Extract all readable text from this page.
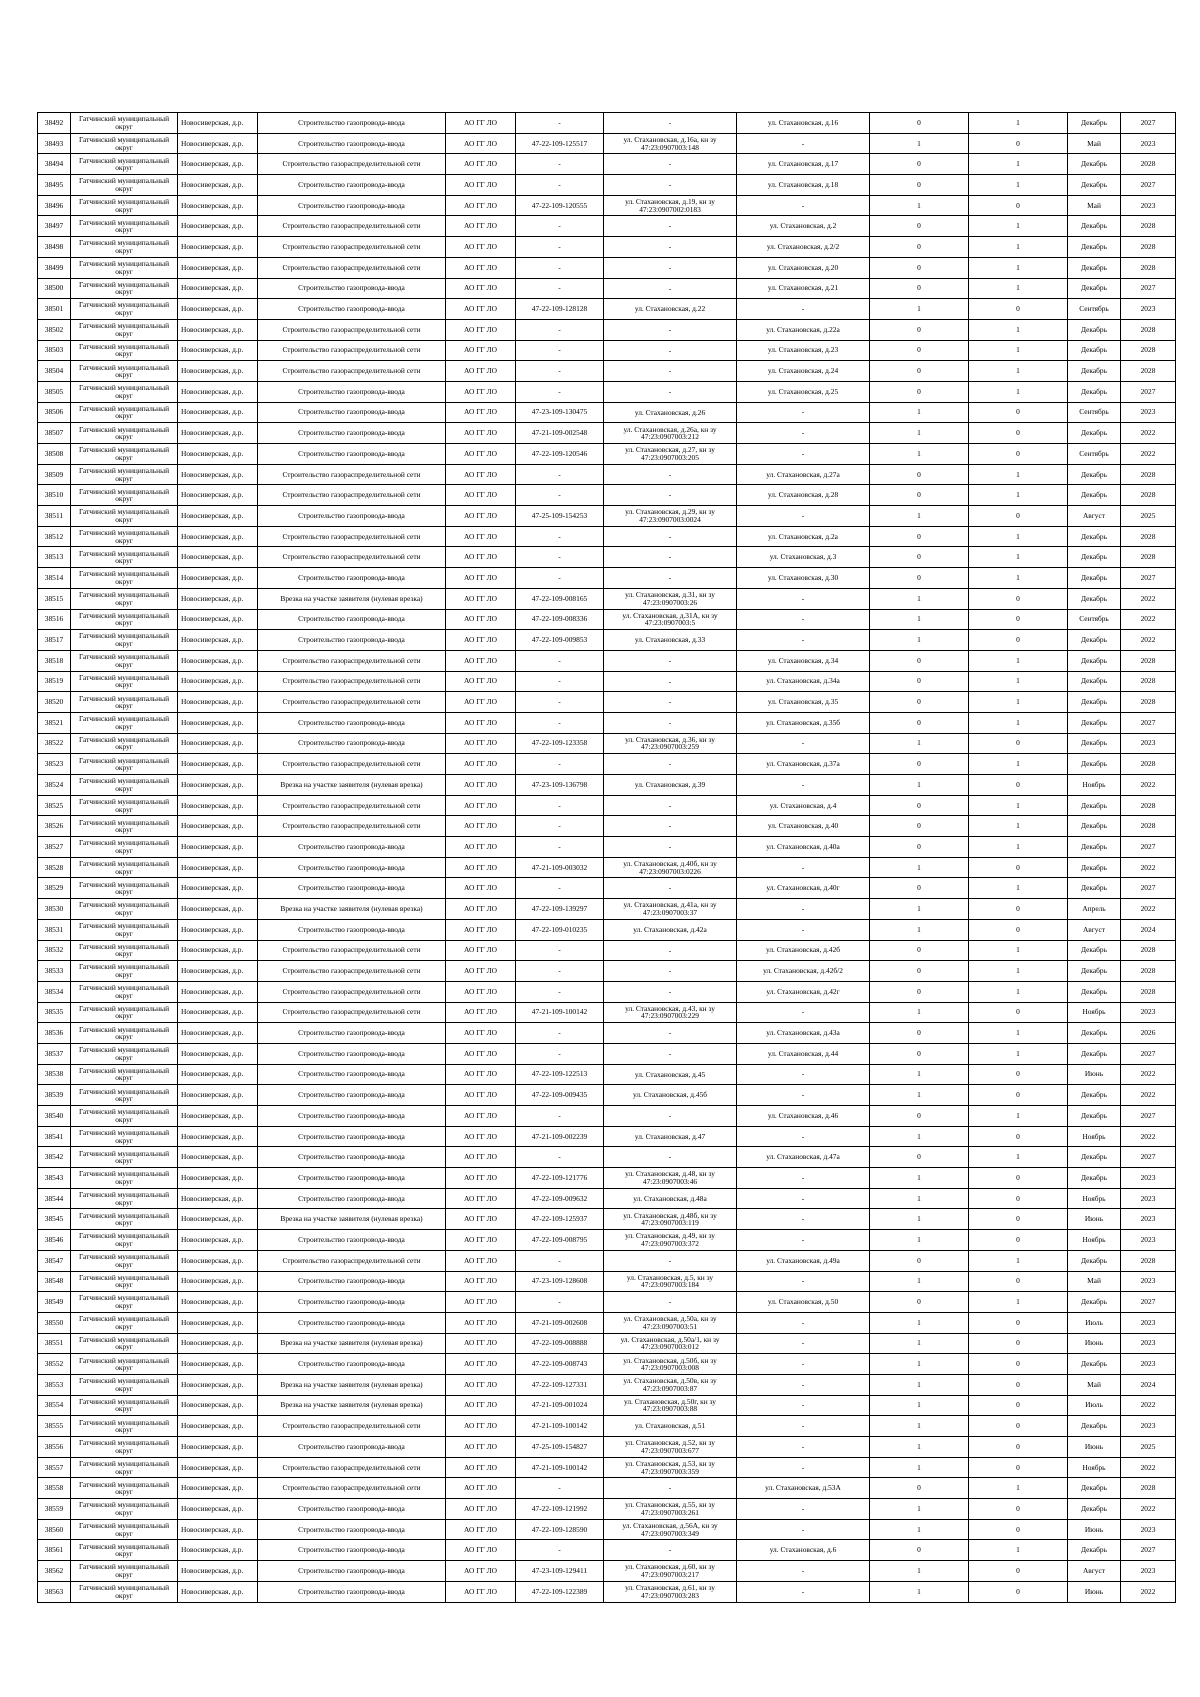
38492	Гатчинский муниципальный округ	Новосиверская, д.р.	Строительство газопровода-ввода	АО ГГ ЛО	-	-	ул. Стахановская, д.16	0	1	Декабрь	2027
38493	Гатчинский муниципальный округ	Новосиверская, д.р.	Строительство газопровода-ввода	АО ГГ ЛО	47-22-109-125517	ул. Стахановская, д.16а, кн зу 47:23:0907003:148	-	1	0	Май	2023
38494	Гатчинский муниципальный округ	Новосиверская, д.р.	Строительство газораспределительной сети	АО ГГ ЛО	-	-	ул. Стахановская, д.17	0	1	Декабрь	2028
38495	Гатчинский муниципальный округ	Новосиверская, д.р.	Строительство газопровода-ввода	АО ГГ ЛО	-	-	ул. Стахановская, д.18	0	1	Декабрь	2027
38496	Гатчинский муниципальный округ	Новосиверская, д.р.	Строительство газопровода-ввода	АО ГГ ЛО	47-22-109-120555	ул. Стахановская, д.19, кн зу 47:23:0907002:0183	-	1	0	Май	2023
38497	Гатчинский муниципальный округ	Новосиверская, д.р.	Строительство газораспределительной сети	АО ГГ ЛО	-	-	ул. Стахановская, д.2	0	1	Декабрь	2028
38498	Гатчинский муниципальный округ	Новосиверская, д.р.	Строительство газораспределительной сети	АО ГГ ЛО	-	-	ул. Стахановская, д.2/2	0	1	Декабрь	2028
38499	Гатчинский муниципальный округ	Новосиверская, д.р.	Строительство газораспределительной сети	АО ГГ ЛО	-	-	ул. Стахановская, д.20	0	1	Декабрь	2028
38500	Гатчинский муниципальный округ	Новосиверская, д.р.	Строительство газопровода-ввода	АО ГГ ЛО	-	-	ул. Стахановская, д.21	0	1	Декабрь	2027
38501	Гатчинский муниципальный округ	Новосиверская, д.р.	Строительство газопровода-ввода	АО ГГ ЛО	47-22-109-128128	ул. Стахановская, д.22	-	1	0	Сентябрь	2023
38502	Гатчинский муниципальный округ	Новосиверская, д.р.	Строительство газораспределительной сети	АО ГГ ЛО	-	-	ул. Стахановская, д.22а	0	1	Декабрь	2028
38503	Гатчинский муниципальный округ	Новосиверская, д.р.	Строительство газораспределительной сети	АО ГГ ЛО	-	-	ул. Стахановская, д.23	0	1	Декабрь	2028
38504	Гатчинский муниципальный округ	Новосиверская, д.р.	Строительство газораспределительной сети	АО ГГ ЛО	-	-	ул. Стахановская, д.24	0	1	Декабрь	2028
38505	Гатчинский муниципальный округ	Новосиверская, д.р.	Строительство газопровода-ввода	АО ГГ ЛО	-	-	ул. Стахановская, д.25	0	1	Декабрь	2027
38506	Гатчинский муниципальный округ	Новосиверская, д.р.	Строительство газопровода-ввода	АО ГГ ЛО	47-23-109-130475	ул. Стахановская, д.26	-	1	0	Сентябрь	2023
38507	Гатчинский муниципальный округ	Новосиверская, д.р.	Строительство газопровода-ввода	АО ГГ ЛО	47-21-109-002548	ул. Стахановская, д.26а, кн зу 47:23:0907003:212	-	1	0	Декабрь	2022
38508	Гатчинский муниципальный округ	Новосиверская, д.р.	Строительство газопровода-ввода	АО ГГ ЛО	47-22-109-120546	ул. Стахановская, д.27, кн зу 47:23:0907003:205	-	1	0	Сентябрь	2022
38509	Гатчинский муниципальный округ	Новосиверская, д.р.	Строительство газораспределительной сети	АО ГГ ЛО	-	-	ул. Стахановская, д.27а	0	1	Декабрь	2028
38510	Гатчинский муниципальный округ	Новосиверская, д.р.	Строительство газораспределительной сети	АО ГГ ЛО	-	-	ул. Стахановская, д.28	0	1	Декабрь	2028
38511	Гатчинский муниципальный округ	Новосиверская, д.р.	Строительство газопровода-ввода	АО ГГ ЛО	47-25-109-154253	ул. Стахановская, д.29, кн зу 47:23:0907003:0024	-	1	0	Август	2025
38512	Гатчинский муниципальный округ	Новосиверская, д.р.	Строительство газораспределительной сети	АО ГГ ЛО	-	-	ул. Стахановская, д.2а	0	1	Декабрь	2028
38513	Гатчинский муниципальный округ	Новосиверская, д.р.	Строительство газораспределительной сети	АО ГГ ЛО	-	-	ул. Стахановская, д.3	0	1	Декабрь	2028
38514	Гатчинский муниципальный округ	Новосиверская, д.р.	Строительство газопровода-ввода	АО ГГ ЛО	-	-	ул. Стахановская, д.30	0	1	Декабрь	2027
38515	Гатчинский муниципальный округ	Новосиверская, д.р.	Врезка на участке заявителя (нулевая врезка)	АО ГГ ЛО	47-22-109-008165	ул. Стахановская, д.31, кн зу 47:23:0907003:26	-	1	0	Декабрь	2022
38516	Гатчинский муниципальный округ	Новосиверская, д.р.	Строительство газопровода-ввода	АО ГГ ЛО	47-22-109-008336	ул. Стахановская, д.31А, кн зу 47:23:0907003:5	-	1	0	Сентябрь	2022
38517	Гатчинский муниципальный округ	Новосиверская, д.р.	Строительство газопровода-ввода	АО ГГ ЛО	47-22-109-009853	ул. Стахановская, д.33	-	1	0	Декабрь	2022
38518	Гатчинский муниципальный округ	Новосиверская, д.р.	Строительство газораспределительной сети	АО ГГ ЛО	-	-	ул. Стахановская, д.34	0	1	Декабрь	2028
38519	Гатчинский муниципальный округ	Новосиверская, д.р.	Строительство газораспределительной сети	АО ГГ ЛО	-	-	ул. Стахановская, д.34а	0	1	Декабрь	2028
38520	Гатчинский муниципальный округ	Новосиверская, д.р.	Строительство газораспределительной сети	АО ГГ ЛО	-	-	ул. Стахановская, д.35	0	1	Декабрь	2028
38521	Гатчинский муниципальный округ	Новосиверская, д.р.	Строительство газопровода-ввода	АО ГГ ЛО	-	-	ул. Стахановская, д.35б	0	1	Декабрь	2027
38522	Гатчинский муниципальный округ	Новосиверская, д.р.	Строительство газопровода-ввода	АО ГГ ЛО	47-22-109-123358	ул. Стахановская, д.36, кн зу 47:23:0907003:259	-	1	0	Декабрь	2023
38523	Гатчинский муниципальный округ	Новосиверская, д.р.	Строительство газораспределительной сети	АО ГГ ЛО	-	-	ул. Стахановская, д.37а	0	1	Декабрь	2028
38524	Гатчинский муниципальный округ	Новосиверская, д.р.	Врезка на участке заявителя (нулевая врезка)	АО ГГ ЛО	47-23-109-136798	ул. Стахановская, д.39	-	1	0	Ноябрь	2022
38525	Гатчинский муниципальный округ	Новосиверская, д.р.	Строительство газораспределительной сети	АО ГГ ЛО	-	-	ул. Стахановская, д.4	0	1	Декабрь	2028
38526	Гатчинский муниципальный округ	Новосиверская, д.р.	Строительство газораспределительной сети	АО ГГ ЛО	-	-	ул. Стахановская, д.40	0	1	Декабрь	2028
38527	Гатчинский муниципальный округ	Новосиверская, д.р.	Строительство газопровода-ввода	АО ГГ ЛО	-	-	ул. Стахановская, д.40а	0	1	Декабрь	2027
38528	Гатчинский муниципальный округ	Новосиверская, д.р.	Строительство газопровода-ввода	АО ГГ ЛО	47-21-109-003032	ул. Стахановская, д.40б, кн зу 47:23:0907003:0226	-	1	0	Декабрь	2022
38529	Гатчинский муниципальный округ	Новосиверская, д.р.	Строительство газопровода-ввода	АО ГГ ЛО	-	-	ул. Стахановская, д.40г	0	1	Декабрь	2027
38530	Гатчинский муниципальный округ	Новосиверская, д.р.	Врезка на участке заявителя (нулевая врезка)	АО ГГ ЛО	47-22-109-139297	ул. Стахановская, д.41а, кн зу 47:23:0907003:37	-	1	0	Апрель	2022
38531	Гатчинский муниципальный округ	Новосиверская, д.р.	Строительство газопровода-ввода	АО ГГ ЛО	47-22-109-010235	ул. Стахановская, д.42а	-	1	0	Август	2024
38532	Гатчинский муниципальный округ	Новосиверская, д.р.	Строительство газораспределительной сети	АО ГГ ЛО	-	-	ул. Стахановская, д.42б	0	1	Декабрь	2028
38533	Гатчинский муниципальный округ	Новосиверская, д.р.	Строительство газораспределительной сети	АО ГГ ЛО	-	-	ул. Стахановская, д.42б/2	0	1	Декабрь	2028
38534	Гатчинский муниципальный округ	Новосиверская, д.р.	Строительство газораспределительной сети	АО ГГ ЛО	-	-	ул. Стахановская, д.42г	0	1	Декабрь	2028
38535	Гатчинский муниципальный округ	Новосиверская, д.р.	Строительство газораспределительной сети	АО ГГ ЛО	47-21-109-100142	ул. Стахановская, д.43, кн зу 47:23:0907003:229	-	1	0	Ноябрь	2023
38536	Гатчинский муниципальный округ	Новосиверская, д.р.	Строительство газопровода-ввода	АО ГГ ЛО	-	-	ул. Стахановская, д.43а	0	1	Декабрь	2026
38537	Гатчинский муниципальный округ	Новосиверская, д.р.	Строительство газопровода-ввода	АО ГГ ЛО	-	-	ул. Стахановская, д.44	0	1	Декабрь	2027
38538	Гатчинский муниципальный округ	Новосиверская, д.р.	Строительство газопровода-ввода	АО ГГ ЛО	47-22-109-122513	ул. Стахановская, д.45	-	1	0	Июнь	2022
38539	Гатчинский муниципальный округ	Новосиверская, д.р.	Строительство газопровода-ввода	АО ГГ ЛО	47-22-109-009435	ул. Стахановская, д.45б	-	1	0	Декабрь	2022
38540	Гатчинский муниципальный округ	Новосиверская, д.р.	Строительство газопровода-ввода	АО ГГ ЛО	-	-	ул. Стахановская, д.46	0	1	Декабрь	2027
38541	Гатчинский муниципальный округ	Новосиверская, д.р.	Строительство газопровода-ввода	АО ГГ ЛО	47-21-109-002239	ул. Стахановская, д.47	-	1	0	Ноябрь	2022
38542	Гатчинский муниципальный округ	Новосиверская, д.р.	Строительство газопровода-ввода	АО ГГ ЛО	-	-	ул. Стахановская, д.47а	0	1	Декабрь	2027
38543	Гатчинский муниципальный округ	Новосиверская, д.р.	Строительство газопровода-ввода	АО ГГ ЛО	47-22-109-121776	ул. Стахановская, д.48, кн зу 47:23:0907003:46	-	1	0	Декабрь	2023
38544	Гатчинский муниципальный округ	Новосиверская, д.р.	Строительство газопровода-ввода	АО ГГ ЛО	47-22-109-009632	ул. Стахановская, д.48а	-	1	0	Ноябрь	2023
38545	Гатчинский муниципальный округ	Новосиверская, д.р.	Врезка на участке заявителя (нулевая врезка)	АО ГГ ЛО	47-22-109-125937	ул. Стахановская, д.48б, кн зу 47:23:0907003:119	-	1	0	Июнь	2023
38546	Гатчинский муниципальный округ	Новосиверская, д.р.	Строительство газопровода-ввода	АО ГГ ЛО	47-22-109-008795	ул. Стахановская, д.49, кн зу 47:23:0907003:372	-	1	0	Ноябрь	2023
38547	Гатчинский муниципальный округ	Новосиверская, д.р.	Строительство газораспределительной сети	АО ГГ ЛО	-	-	ул. Стахановская, д.49а	0	1	Декабрь	2028
38548	Гатчинский муниципальный округ	Новосиверская, д.р.	Строительство газопровода-ввода	АО ГГ ЛО	47-23-109-128608	ул. Стахановская, д.5, кн зу 47:23:0907003:184	-	1	0	Май	2023
38549	Гатчинский муниципальный округ	Новосиверская, д.р.	Строительство газопровода-ввода	АО ГГ ЛО	-	-	ул. Стахановская, д.50	0	1	Декабрь	2027
38550	Гатчинский муниципальный округ	Новосиверская, д.р.	Строительство газопровода-ввода	АО ГГ ЛО	47-21-109-002608	ул. Стахановская, д.50а, кн зу 47:23:0907003:51	-	1	0	Июль	2023
38551	Гатчинский муниципальный округ	Новосиверская, д.р.	Врезка на участке заявителя (нулевая врезка)	АО ГГ ЛО	47-22-109-008888	ул. Стахановская, д.50а/1, кн зу 47:23:0907003:012	-	1	0	Июнь	2023
38552	Гатчинский муниципальный округ	Новосиверская, д.р.	Строительство газопровода-ввода	АО ГГ ЛО	47-22-109-008743	ул. Стахановская, д.50б, кн зу 47:23:0907003:008	-	1	0	Декабрь	2023
38553	Гатчинский муниципальный округ	Новосиверская, д.р.	Врезка на участке заявителя (нулевая врезка)	АО ГГ ЛО	47-22-109-127331	ул. Стахановская, д.50в, кн зу 47:23:0907003:87	-	1	0	Май	2024
38554	Гатчинский муниципальный округ	Новосиверская, д.р.	Врезка на участке заявителя (нулевая врезка)	АО ГГ ЛО	47-21-109-001024	ул. Стахановская, д.50г, кн зу 47:23:0907003:88	-	1	0	Июль	2022
38555	Гатчинский муниципальный округ	Новосиверская, д.р.	Строительство газораспределительной сети	АО ГГ ЛО	47-21-109-100142	ул. Стахановская, д.51	-	1	0	Декабрь	2023
38556	Гатчинский муниципальный округ	Новосиверская, д.р.	Строительство газопровода-ввода	АО ГГ ЛО	47-25-109-154827	ул. Стахановская, д.52, кн зу 47:23:0907003:677	-	1	0	Июнь	2025
38557	Гатчинский муниципальный округ	Новосиверская, д.р.	Строительство газораспределительной сети	АО ГГ ЛО	47-21-109-100142	ул. Стахановская, д.53, кн зу 47:23:0907003:359	-	1	0	Ноябрь	2022
38558	Гатчинский муниципальный округ	Новосиверская, д.р.	Строительство газораспределительной сети	АО ГГ ЛО	-	-	ул. Стахановская, д.53А	0	1	Декабрь	2028
38559	Гатчинский муниципальный округ	Новосиверская, д.р.	Строительство газопровода-ввода	АО ГГ ЛО	47-22-109-121992	ул. Стахановская, д.55, кн зу 47:23:0907003:261	-	1	0	Декабрь	2022
38560	Гатчинский муниципальный округ	Новосиверская, д.р.	Строительство газопровода-ввода	АО ГГ ЛО	47-22-109-128590	ул. Стахановская, д.56А, кн зу 47:23:0907003:349	-	1	0	Июнь	2023
38561	Гатчинский муниципальный округ	Новосиверская, д.р.	Строительство газопровода-ввода	АО ГГ ЛО	-	-	ул. Стахановская, д.6	0	1	Декабрь	2027
38562	Гатчинский муниципальный округ	Новосиверская, д.р.	Строительство газопровода-ввода	АО ГГ ЛО	47-23-109-129411	ул. Стахановская, д.60, кн зу 47:23:0907003:217	-	1	0	Август	2023
38563	Гатчинский муниципальный округ	Новосиверская, д.р.	Строительство газопровода-ввода	АО ГГ ЛО	47-22-109-122389	ул. Стахановская, д.61, кн зу 47:23:0907003:283	-	1	0	Июнь	2022
